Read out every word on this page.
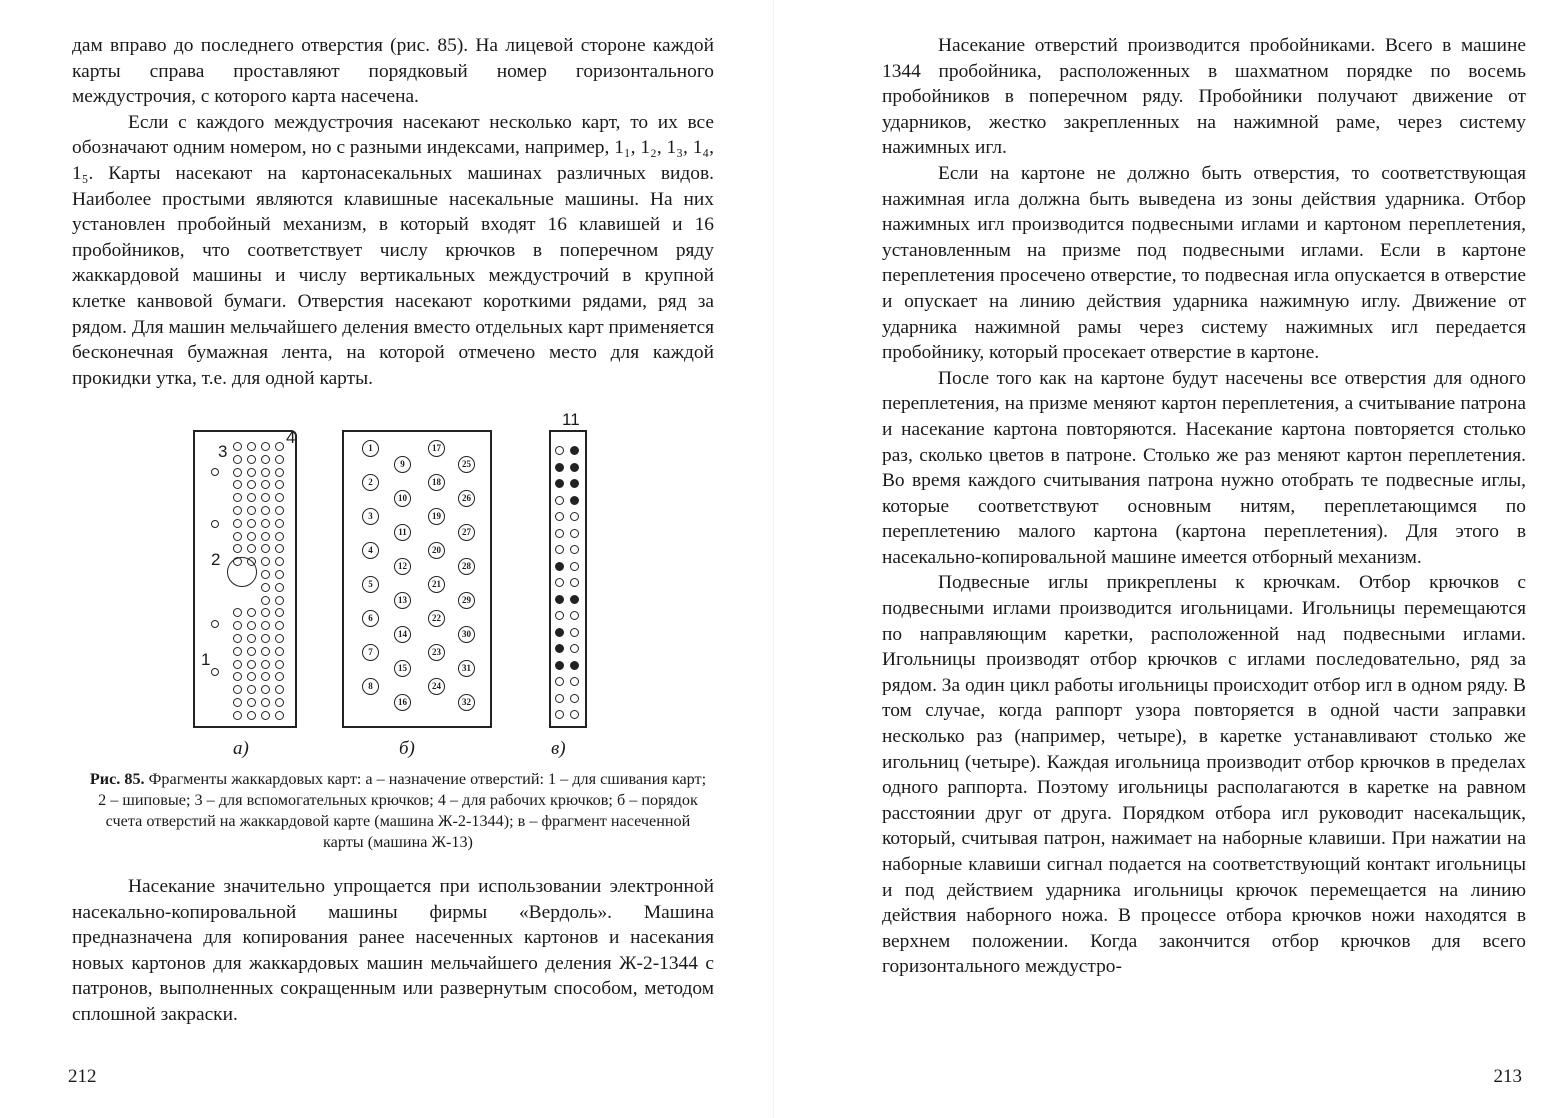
дам вправо до последнего отверстия (рис. 85). На лицевой стороне каждой карты справа проставляют порядковый номер горизонтального междустрочия, с которого карта насечена.

Если с каждого междустрочия насекают несколько карт, то их все обозначают одним номером, но с разными индексами, например, 1₁, 1₂, 1₃, 1₄, 1₅. Карты насекают на картонасекальных машинах различных видов. Наиболее простыми являются клавишные насекальные машины. На них установлен пробойный механизм, в который входят 16 клавишей и 16 пробойников, что соответствует числу крючков в поперечном ряду жаккардовой машины и числу вертикальных междустрочий в крупной клетке канвовой бумаги. Отверстия насекают короткими рядами, ряд за рядом. Для машин мельчайшего деления вместо отдельных карт применяется бесконечная бумажная лента, на которой отмечено место для каждой прокидки утка, т.е. для одной карты.

1
2
3
4
5
6
7
8
9
10
11
12
13
14
15
16
17
18
19
20
21
22
23
24
25
26
27
28
29
30
31
32
3
4
2
1
11
а)	б)	в)
Рис. 85. Фрагменты жаккардовых карт: а – назначение отверстий: 1 – для сшивания карт; 2 – шиповые; 3 – для вспомогательных крючков; 4 – для рабочих крючков; б – порядок счета отверстий на жаккардовой карте (машина Ж-2-1344); в – фрагмент насеченной карты (машина Ж-13)

Насекание значительно упрощается при использовании электронной насекально-копировальной машины фирмы «Вердоль». Машина предназначена для копирования ранее насеченных картонов и насекания новых картонов для жаккардовых машин мельчайшего деления Ж-2-1344 с патронов, выполненных сокращенным или развернутым способом, методом сплошной закраски.

212

Насекание отверстий производится пробойниками. Всего в машине 1344 пробойника, расположенных в шахматном порядке по восемь пробойников в поперечном ряду. Пробойники получают движение от ударников, жестко закрепленных на нажимной раме, через систему нажимных игл.

Если на картоне не должно быть отверстия, то соответствующая нажимная игла должна быть выведена из зоны действия ударника. Отбор нажимных игл производится подвесными иглами и картоном переплетения, установленным на призме под подвесными иглами. Если в картоне переплетения просечено отверстие, то подвесная игла опускается в отверстие и опускает на линию действия ударника нажимную иглу. Движение от ударника нажимной рамы через систему нажимных игл передается пробойнику, который просекает отверстие в картоне.

После того как на картоне будут насечены все отверстия для одного переплетения, на призме меняют картон переплетения, а считывание патрона и насекание картона повторяются. Насекание картона повторяется столько раз, сколько цветов в патроне. Столько же раз меняют картон переплетения. Во время каждого считывания патрона нужно отобрать те подвесные иглы, которые соответствуют основным нитям, переплетающимся по переплетению малого картона (картона переплетения). Для этого в насекально-копировальной машине имеется отборный механизм.

Подвесные иглы прикреплены к крючкам. Отбор крючков с подвесными иглами производится игольницами. Игольницы перемещаются по направляющим каретки, расположенной над подвесными иглами. Игольницы производят отбор крючков с иглами последовательно, ряд за рядом. За один цикл работы игольницы происходит отбор игл в одном ряду. В том случае, когда раппорт узора повторяется в одной части заправки несколько раз (например, четыре), в каретке устанавливают столько же игольниц (четыре). Каждая игольница производит отбор крючков в пределах одного раппорта. Поэтому игольницы располагаются в каретке на равном расстоянии друг от друга. Порядком отбора игл руководит насекальщик, который, считывая патрон, нажимает на наборные клавиши. При нажатии на наборные клавиши сигнал подается на соответствующий контакт игольницы и под действием ударника игольницы крючок перемещается на линию действия наборного ножа. В процессе отбора крючков ножи находятся в верхнем положении. Когда закончится отбор крючков для всего горизонтального междустро-

213
